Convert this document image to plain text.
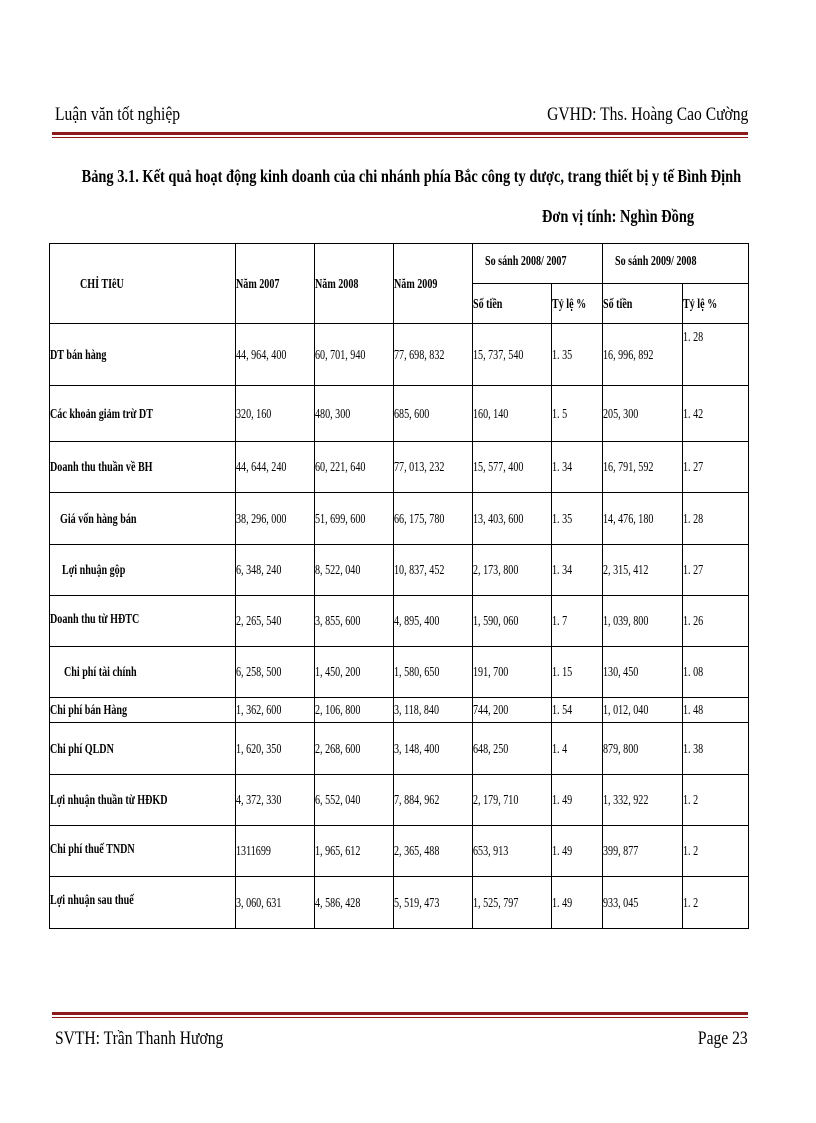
Luận văn tốt nghiệp	GVHD: Ths. Hoàng Cao Cường
Bảng 3.1. Kết quả hoạt động kinh doanh của chi nhánh phía Bắc công ty dược, trang thiết bị y tế Bình Định
Đơn vị tính: Nghìn Đồng
CHỈ TIêU	Năm 2007	Năm 2008	Năm 2009	So sánh 2008/ 2007		So sánh 2009/ 2008	
				Số tiền	Tỷ lệ %	Số tiền	Tỷ lệ %
DT bán hàng	44, 964, 400	60, 701, 940	77, 698, 832	15, 737, 540	1. 35	16, 996, 892	1. 28
Các khoản giảm trừ DT	320, 160	480, 300	685, 600	160, 140	1. 5	205, 300	1. 42
Doanh thu thuần về BH	44, 644, 240	60, 221, 640	77, 013, 232	15, 577, 400	1. 34	16, 791, 592	1. 27
Giá vốn hàng bán	38, 296, 000	51, 699, 600	66, 175, 780	13, 403, 600	1. 35	14, 476, 180	1. 28
Lợi nhuận gộp	6, 348, 240	8, 522, 040	10, 837, 452	2, 173, 800	1. 34	2, 315, 412	1. 27
Doanh thu từ HĐTC	2, 265, 540	3, 855, 600	4, 895, 400	1, 590, 060	1. 7	1, 039, 800	1. 26
Chi phí tài chính	6, 258, 500	1, 450, 200	1, 580, 650	191, 700	1. 15	130, 450	1. 08
Chi phí bán Hàng	1, 362, 600	2, 106, 800	3, 118, 840	744, 200	1. 54	1, 012, 040	1. 48
Chi phí QLDN	1, 620, 350	2, 268, 600	3, 148, 400	648, 250	1. 4	879, 800	1. 38
Lợi nhuận thuần từ HĐKD	4, 372, 330	6, 552, 040	7, 884, 962	2, 179, 710	1. 49	1, 332, 922	1. 2
Chi phí thuế TNDN	1311699	1, 965, 612	2, 365, 488	653, 913	1. 49	399, 877	1. 2
Lợi nhuận sau thuế	3, 060, 631	4, 586, 428	5, 519, 473	1, 525, 797	1. 49	933, 045	1. 2
SVTH: Trần Thanh Hương	Page 23
